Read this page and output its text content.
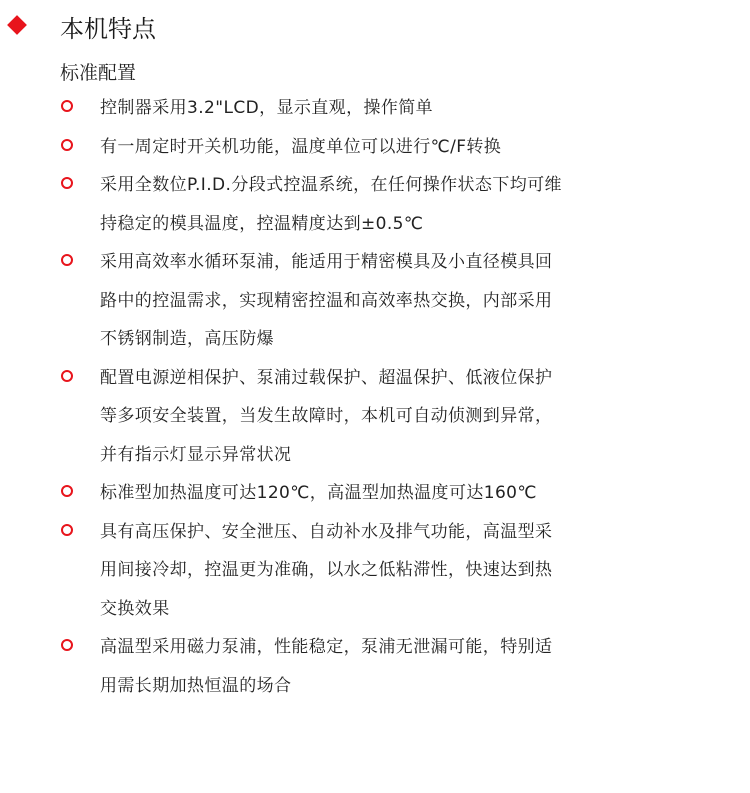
本机特点
标准配置
控制器采用3.2"LCD，显示直观，操作简单
有一周定时开关机功能，温度单位可以进行℃/F转换
采用全数位P.I.D.分段式控温系统，在任何操作状态下均可维
持稳定的模具温度，控温精度达到±0.5℃
采用高效率水循环泵浦，能适用于精密模具及小直径模具回
路中的控温需求，实现精密控温和高效率热交换，内部采用
不锈钢制造，高压防爆
配置电源逆相保护、泵浦过载保护、超温保护、低液位保护
等多项安全装置，当发生故障时，本机可自动侦测到异常，
并有指示灯显示异常状况
标准型加热温度可达120℃，高温型加热温度可达160℃
具有高压保护、安全泄压、自动补水及排气功能，高温型采
用间接冷却，控温更为准确，以水之低粘滞性，快速达到热
交换效果
高温型采用磁力泵浦，性能稳定，泵浦无泄漏可能，特别适
用需长期加热恒温的场合
